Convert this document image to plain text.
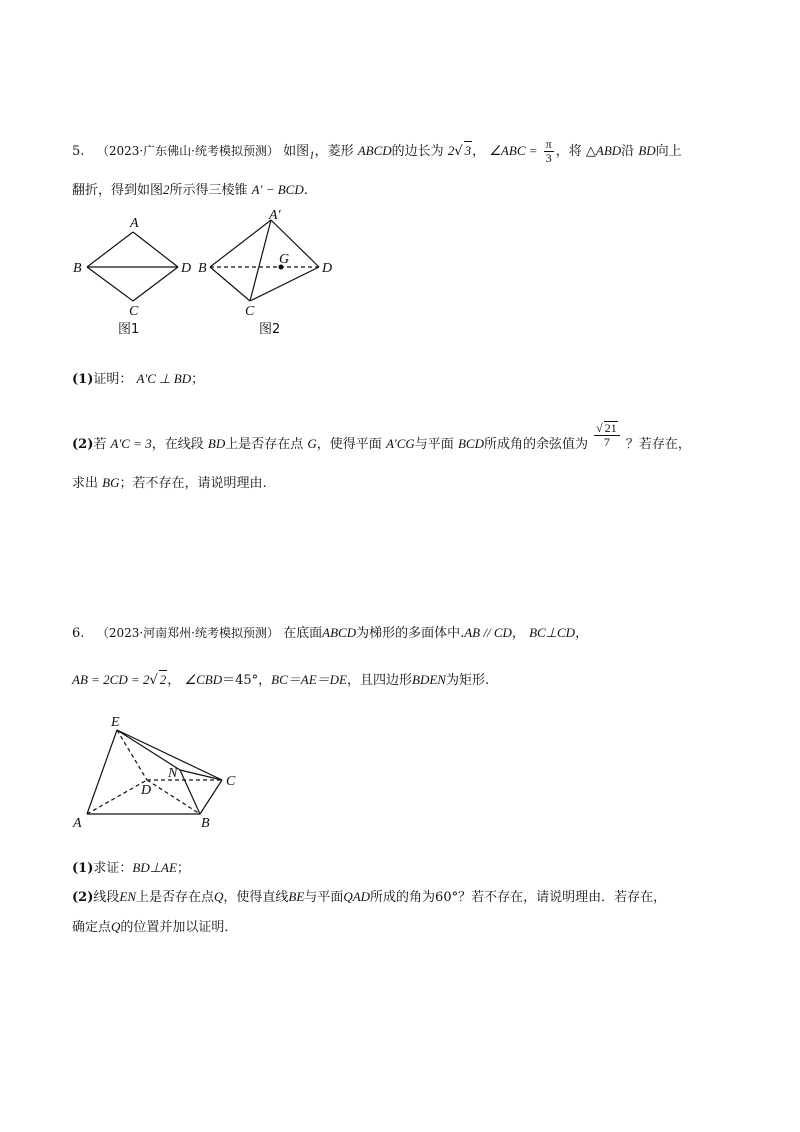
5. （2023·广东佛山·统考模拟预测） 如图$_1$，菱形 ABCD的边长为 2√ 3， ∠ABC = $\frac{\pi}{3}$ ，将 △ABD沿 BD向上
翻折，得到如图2所示得三棱锥 A′ − BCD.
A
B	D
C
图1
A′
B	D
C
G
图2
(1)证明： A′C ⊥ BD；
(2)若 A′C = 3，在线段 BD上是否存在点 G，使得平面 A′CG与平面 BCD所成角的余弦值为 $\frac{√ 21}{7}$ ？若存在，
求出 BG；若不存在，请说明理由.
6. （2023·河南郑州·统考模拟预测） 在底面ABCD为梯形的多面体中.AB // CD， BC⊥CD，
AB = 2CD = 2√ 2， ∠CBD＝45°，BC＝AE＝DE，且四边形BDEN为矩形.
E
N
C
D
A	B
(1)求证：BD⊥AE；
(2)线段EN上是否存在点Q，使得直线BE与平面QAD所成的角为60°？若不存在，请说明理由．若存在，
确定点Q的位置并加以证明．
